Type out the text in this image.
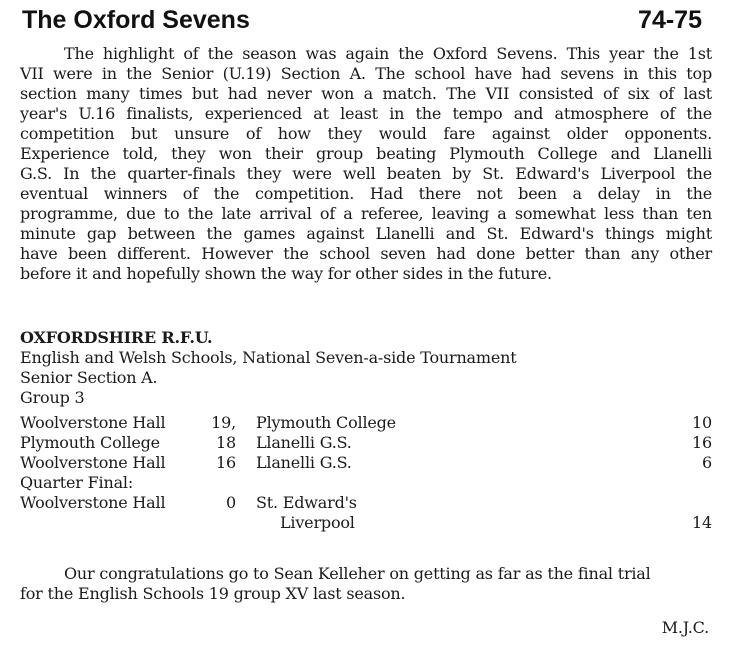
The Oxford Sevens	74-75
The highlight of the season was again the Oxford Sevens. This year the 1st
VII were in the Senior (U.19) Section A. The school have had sevens in this top
section many times but had never won a match. The VII consisted of six of last
year's U.16 finalists, experienced at least in the tempo and atmosphere of the
competition but unsure of how they would fare against older opponents.
Experience told, they won their group beating Plymouth College and Llanelli
G.S. In the quarter-finals they were well beaten by St. Edward's Liverpool the
eventual winners of the competition. Had there not been a delay in the
programme, due to the late arrival of a referee, leaving a somewhat less than ten
minute gap between the games against Llanelli and St. Edward's things might
have been different. However the school seven had done better than any other
before it and hopefully shown the way for other sides in the future.
OXFORDSHIRE R.F.U.
English and Welsh Schools, National Seven-a-side Tournament
Senior Section A.
Group 3
Woolverstone Hall	19, Plymouth College	10
Plymouth College	18 Llanelli G.S.	16
Woolverstone Hall	16 Llanelli G.S.	6
Quarter Final:
Woolverstone Hall	0 St. Edward's
Liverpool	14
Our congratulations go to Sean Kelleher on getting as far as the final trial
for the English Schools 19 group XV last season.
M.J.C.
